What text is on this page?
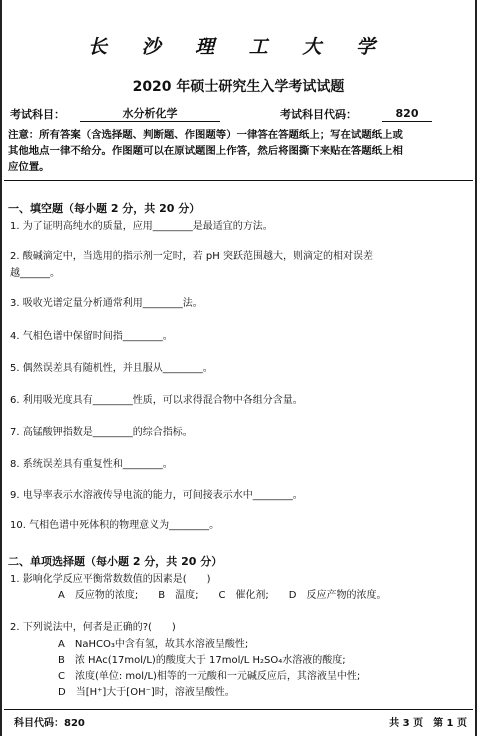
长 沙 理 工 大 学
2020 年硕士研究生入学考试试题
考试科目：	水分析化学	考试科目代码：	820
注意：所有答案（含选择题、判断题、作图题等）一律答在答题纸上；写在试题纸上或
其他地点一律不给分。作图题可以在原试题图上作答，然后将图撕下来贴在答题纸上相
应位置。
一、填空题（每小题 2 分，共 20 分）
1. 为了证明高纯水的质量，应用________是最适宜的方法。
2. 酸碱滴定中，当选用的指示剂一定时，若 pH 突跃范围越大，则滴定的相对误差
越______。
3. 吸收光谱定量分析通常利用________法。
4. 气相色谱中保留时间指________。
5. 偶然误差具有随机性，并且服从________。
6. 利用吸光度具有________性质，可以求得混合物中各组分含量。
7. 高锰酸钾指数是________的综合指标。
8. 系统误差具有重复性和________。
9. 电导率表示水溶液传导电流的能力，可间接表示水中________。
10. 气相色谱中死体积的物理意义为________。
二、单项选择题（每小题 2 分，共 20 分）
1. 影响化学反应平衡常数数值的因素是(　　)
A　反应物的浓度;　　B　温度;　　C　催化剂;　　D　反应产物的浓度。
2. 下列说法中，何者是正确的?(　　)
A　NaHCO₃中含有氢，故其水溶液呈酸性;
B　浓 HAc(17mol/L)的酸度大于 17mol/L H₂SO₄水溶液的酸度;
C　浓度(单位: mol/L)相等的一元酸和一元碱反应后，其溶液呈中性;
D　当[H⁺]大于[OH⁻]时，溶液呈酸性。
科目代码：820	共 3 页　第 1 页
